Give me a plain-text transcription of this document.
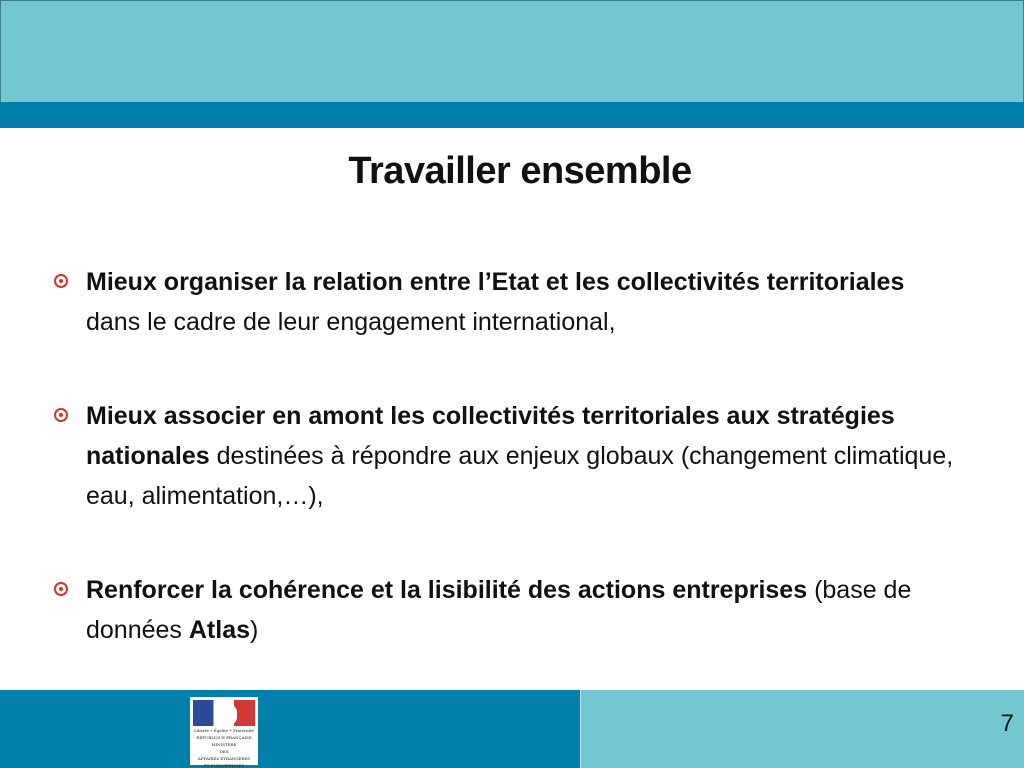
Travailler ensemble
Mieux organiser la relation entre l’Etat et les collectivités territoriales dans le cadre de leur engagement international,
Mieux associer en amont les collectivités territoriales aux stratégies nationales destinées à répondre aux enjeux globaux (changement climatique, eau, alimentation,…),
Renforcer la cohérence et la lisibilité des actions entreprises (base de données Atlas)
Liberté • Égalité • Fraternité
RÉPUBLIQUE FRANÇAISE
MINISTÈRE
DES
AFFAIRES ÉTRANGÈRES
ET EUROPÉENNES
7
